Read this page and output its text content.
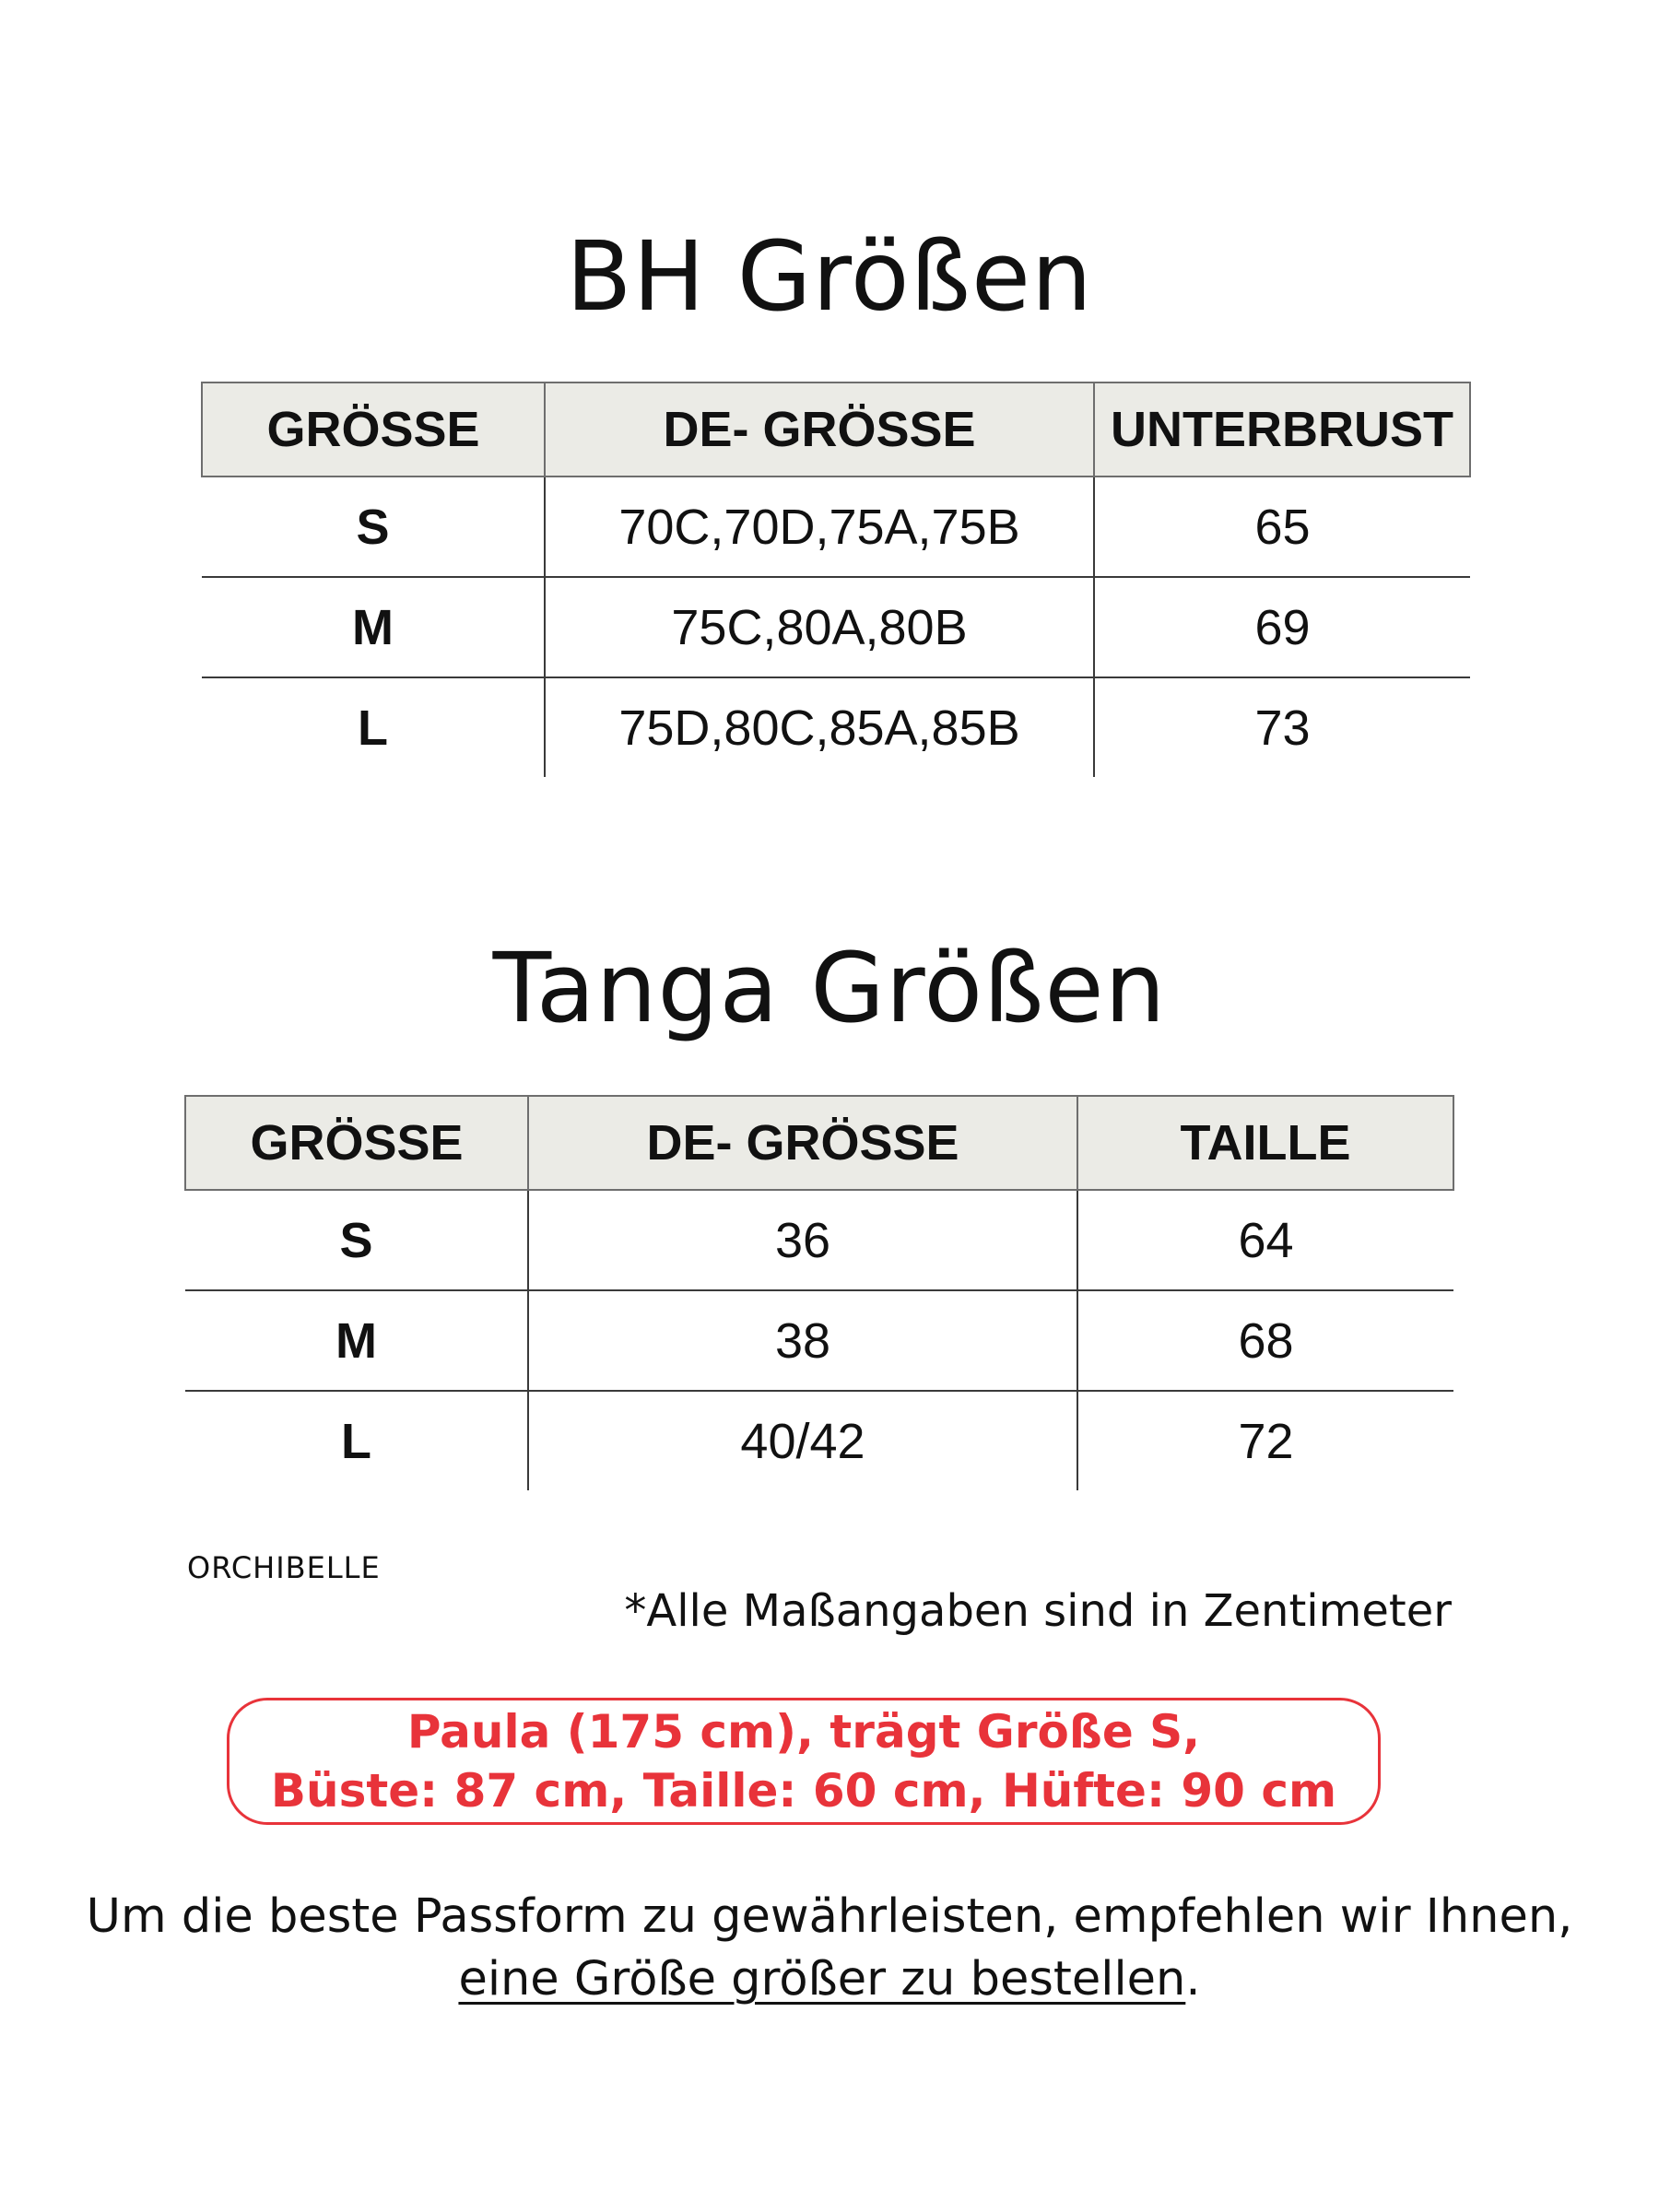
BH Größen
GRÖSSE	DE- GRÖSSE	UNTERBRUST
S	70C,70D,75A,75B	65
M	75C,80A,80B	69
L	75D,80C,85A,85B	73
Tanga Größen
GRÖSSE	DE- GRÖSSE	TAILLE
S	36	64
M	38	68
L	40/42	72
ORCHIBELLE
*Alle Maßangaben sind in Zentimeter
Paula (175 cm), trägt Größe S,
Büste: 87 cm, Taille: 60 cm, Hüfte: 90 cm
Um die beste Passform zu gewährleisten, empfehlen wir Ihnen,
eine Größe größer zu bestellen.
